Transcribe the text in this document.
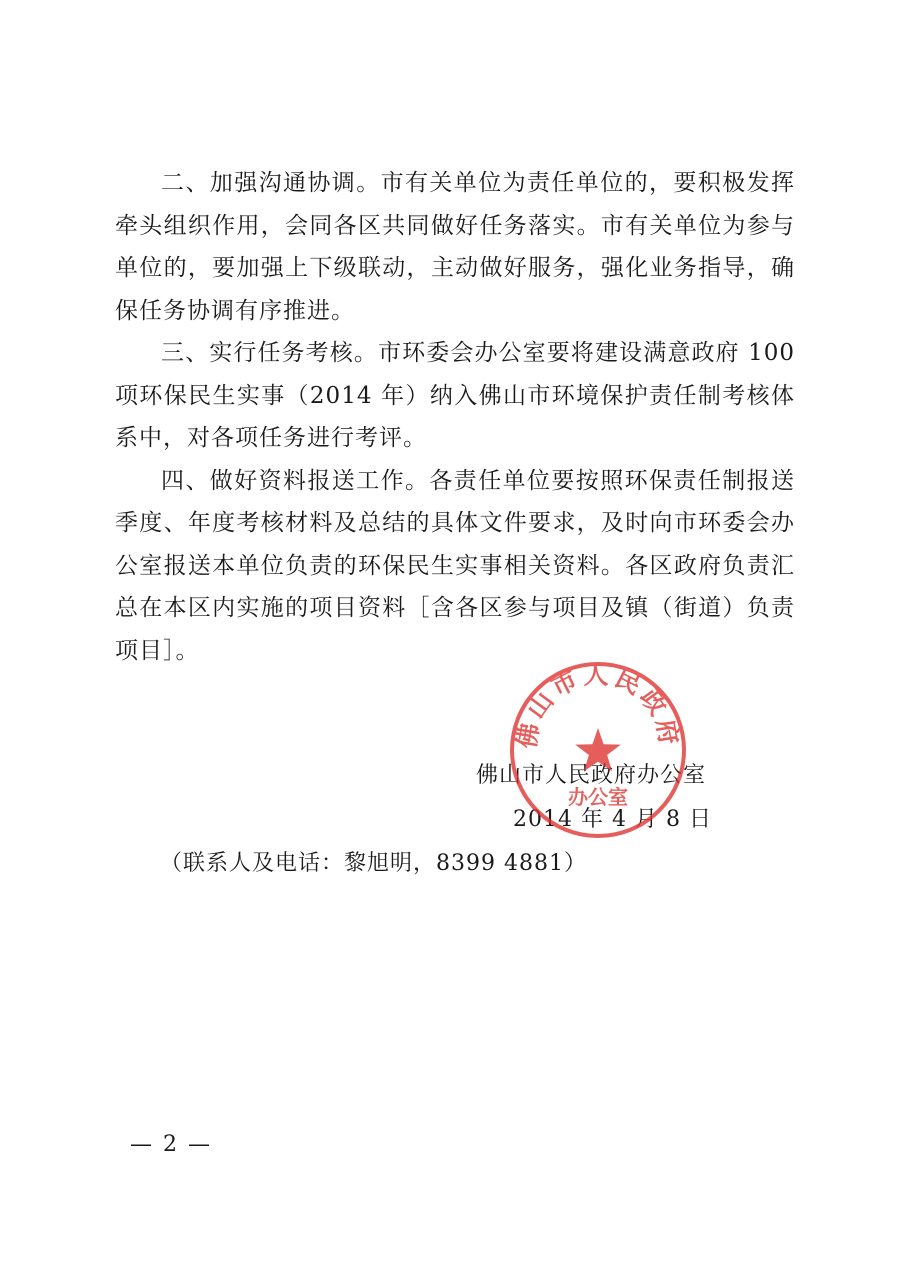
二、加强沟通协调。市有关单位为责任单位的，要积极发挥牵头组织作用，会同各区共同做好任务落实。市有关单位为参与单位的，要加强上下级联动，主动做好服务，强化业务指导，确保任务协调有序推进。

三、实行任务考核。市环委会办公室要将建设满意政府 100 项环保民生实事（2014 年）纳入佛山市环境保护责任制考核体系中，对各项任务进行考评。

四、做好资料报送工作。各责任单位要按照环保责任制报送季度、年度考核材料及总结的具体文件要求，及时向市环委会办公室报送本单位负责的环保民生实事相关资料。各区政府负责汇总在本区内实施的项目资料［含各区参与项目及镇（街道）负责项目］。

佛山市人民政府办公室
2014 年 4 月 8 日
佛山市人民政府
办公室
（联系人及电话：黎旭明，8399 4881）
— 2 —
